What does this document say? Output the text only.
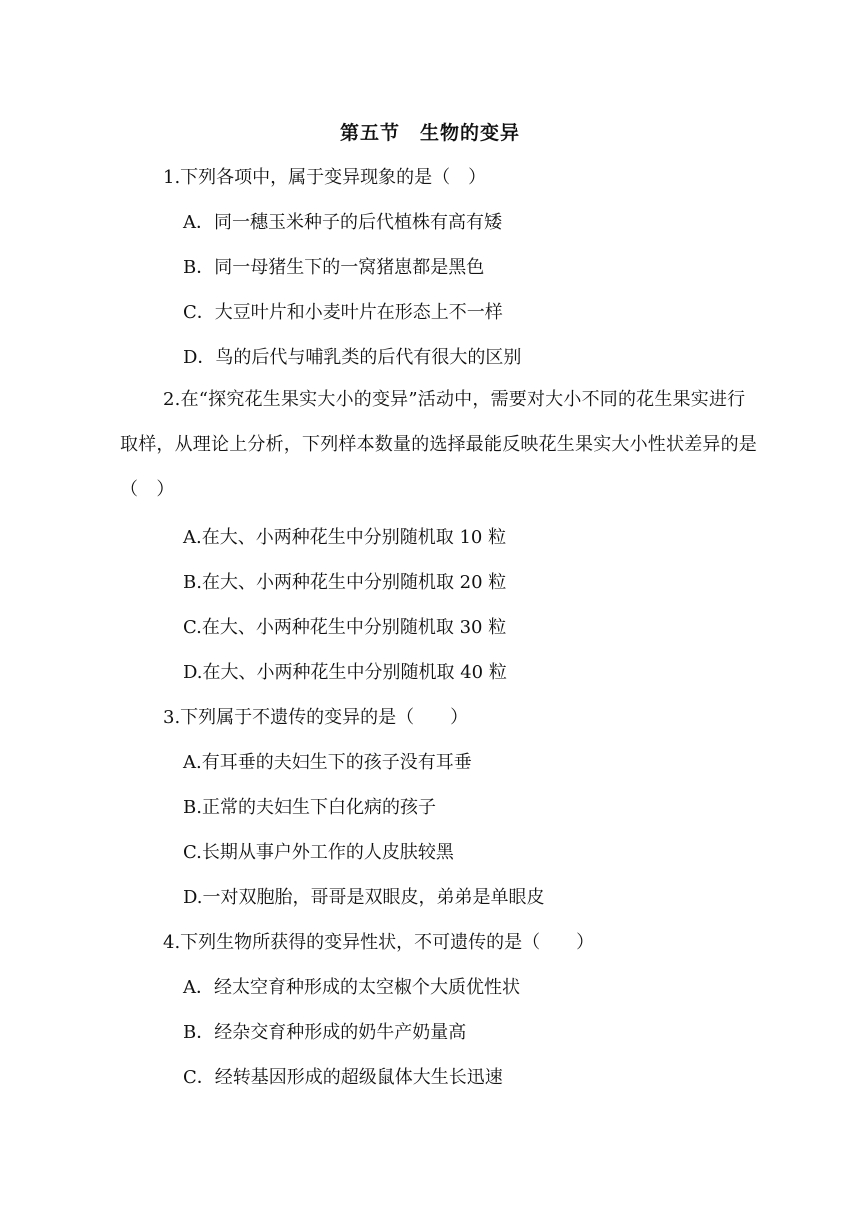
第五节　生物的变异
1.下列各项中，属于变异现象的是（　）
A．同一穗玉米种子的后代植株有高有矮
B．同一母猪生下的一窝猪崽都是黑色
C．大豆叶片和小麦叶片在形态上不一样
D．鸟的后代与哺乳类的后代有很大的区别
2.在“探究花生果实大小的变异”活动中，需要对大小不同的花生果实进行取样，从理论上分析，下列样本数量的选择最能反映花生果实大小性状差异的是（　）
A.在大、小两种花生中分别随机取 10 粒
B.在大、小两种花生中分别随机取 20 粒
C.在大、小两种花生中分别随机取 30 粒
D.在大、小两种花生中分别随机取 40 粒
3.下列属于不遗传的变异的是（　　）
A.有耳垂的夫妇生下的孩子没有耳垂
B.正常的夫妇生下白化病的孩子
C.长期从事户外工作的人皮肤较黑
D.一对双胞胎，哥哥是双眼皮，弟弟是单眼皮
4.下列生物所获得的变异性状，不可遗传的是（　　）
A．经太空育种形成的太空椒个大质优性状
B．经杂交育种形成的奶牛产奶量高
C．经转基因形成的超级鼠体大生长迅速
